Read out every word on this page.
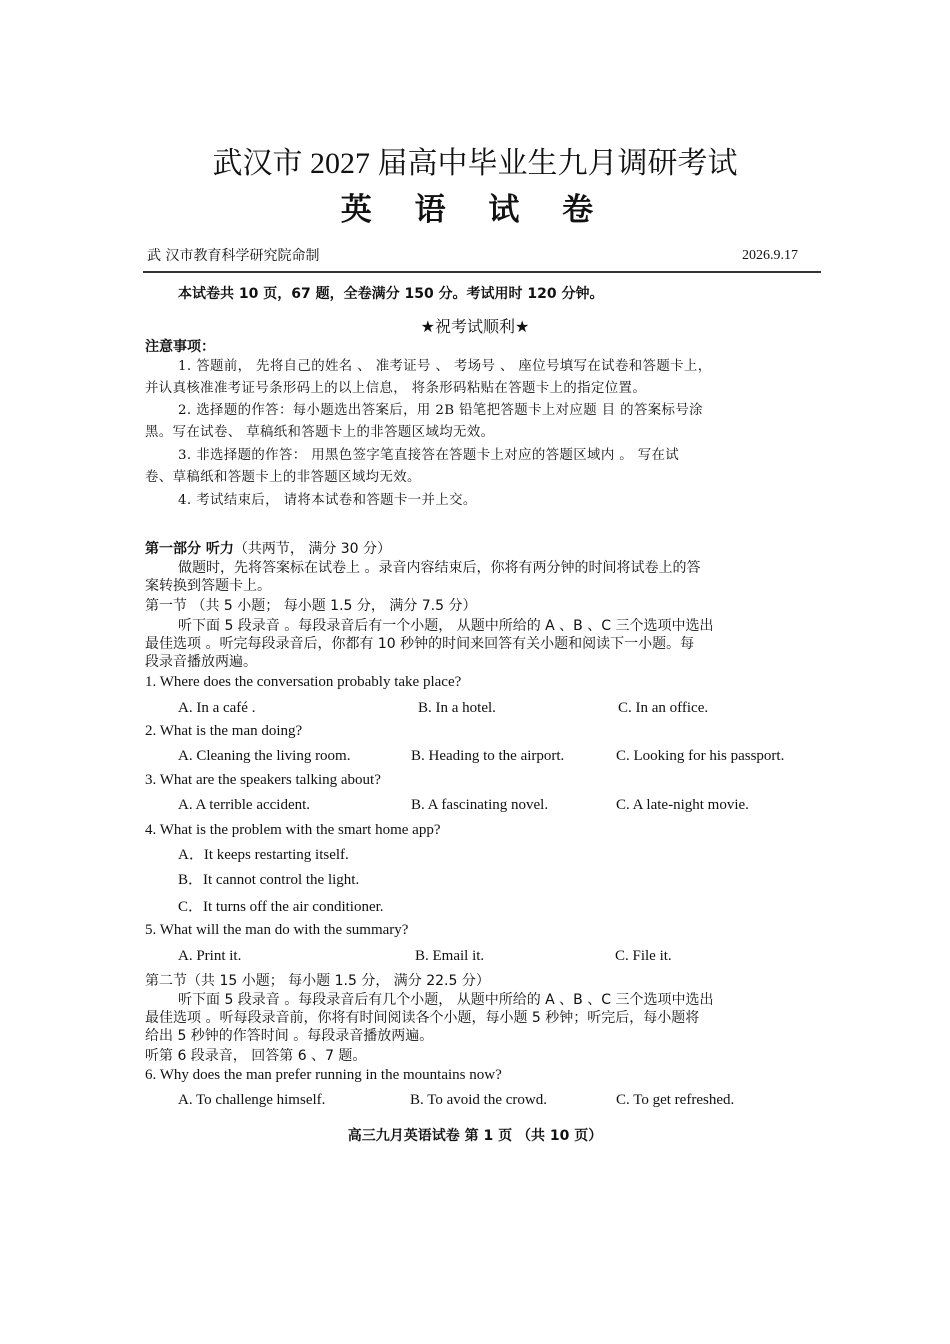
武汉市 2027 届高中毕业生九月调研考试
英 语 试 卷
武 汉市教育科学研究院命制	2026.9.17
本试卷共 10 页，67 题，全卷满分 150 分。考试用时 120 分钟。
★祝考试顺利★
注意事项：
1. 答题前， 先将自己的姓名 、 准考证号 、 考场号 、 座位号填写在试卷和答题卡上，
并认真核准准考证号条形码上的以上信息， 将条形码粘贴在答题卡上的指定位置。
2. 选择题的作答：每小题选出答案后，用 2B 铅笔把答题卡上对应题 目 的答案标号涂
黑。写在试卷、 草稿纸和答题卡上的非答题区域均无效。
3. 非选择题的作答： 用黑色签字笔直接答在答题卡上对应的答题区域内 。 写在试
卷、草稿纸和答题卡上的非答题区域均无效。
4. 考试结束后， 请将本试卷和答题卡一并上交。
第一部分 听力（共两节， 满分 30 分）
做题时，先将答案标在试卷上 。录音内容结束后，你将有两分钟的时间将试卷上的答
案转换到答题卡上。
第一节 （共 5 小题； 每小题 1.5 分， 满分 7.5 分）
听下面 5 段录音 。每段录音后有一个小题， 从题中所给的 A 、B 、C 三个选项中选出
最佳选项 。听完每段录音后，你都有 10 秒钟的时间来回答有关小题和阅读下一小题。每
段录音播放两遍。
1. Where does the conversation probably take place?
A. In a café .	B. In a hotel.	C. In an office.
2. What is the man doing?
A. Cleaning the living room.	B. Heading to the airport.	C. Looking for his passport.
3. What are the speakers talking about?
A. A terrible accident.	B. A fascinating novel.	C. A late-night movie.
4. What is the problem with the smart home app?
A．It keeps restarting itself.
B．It cannot control the light.
C．It turns off the air conditioner.
5. What will the man do with the summary?
A. Print it.	B. Email it.	C. File it.
第二节（共 15 小题； 每小题 1.5 分， 满分 22.5 分）
听下面 5 段录音 。每段录音后有几个小题， 从题中所给的 A 、B 、C 三个选项中选出
最佳选项 。听每段录音前，你将有时间阅读各个小题，每小题 5 秒钟；听完后，每小题将
给出 5 秒钟的作答时间 。每段录音播放两遍。
听第 6 段录音， 回答第 6 、7 题。
6. Why does the man prefer running in the mountains now?
A. To challenge himself.	B. To avoid the crowd.	C. To get refreshed.
高三九月英语试卷 第 1 页 （共 10 页）
